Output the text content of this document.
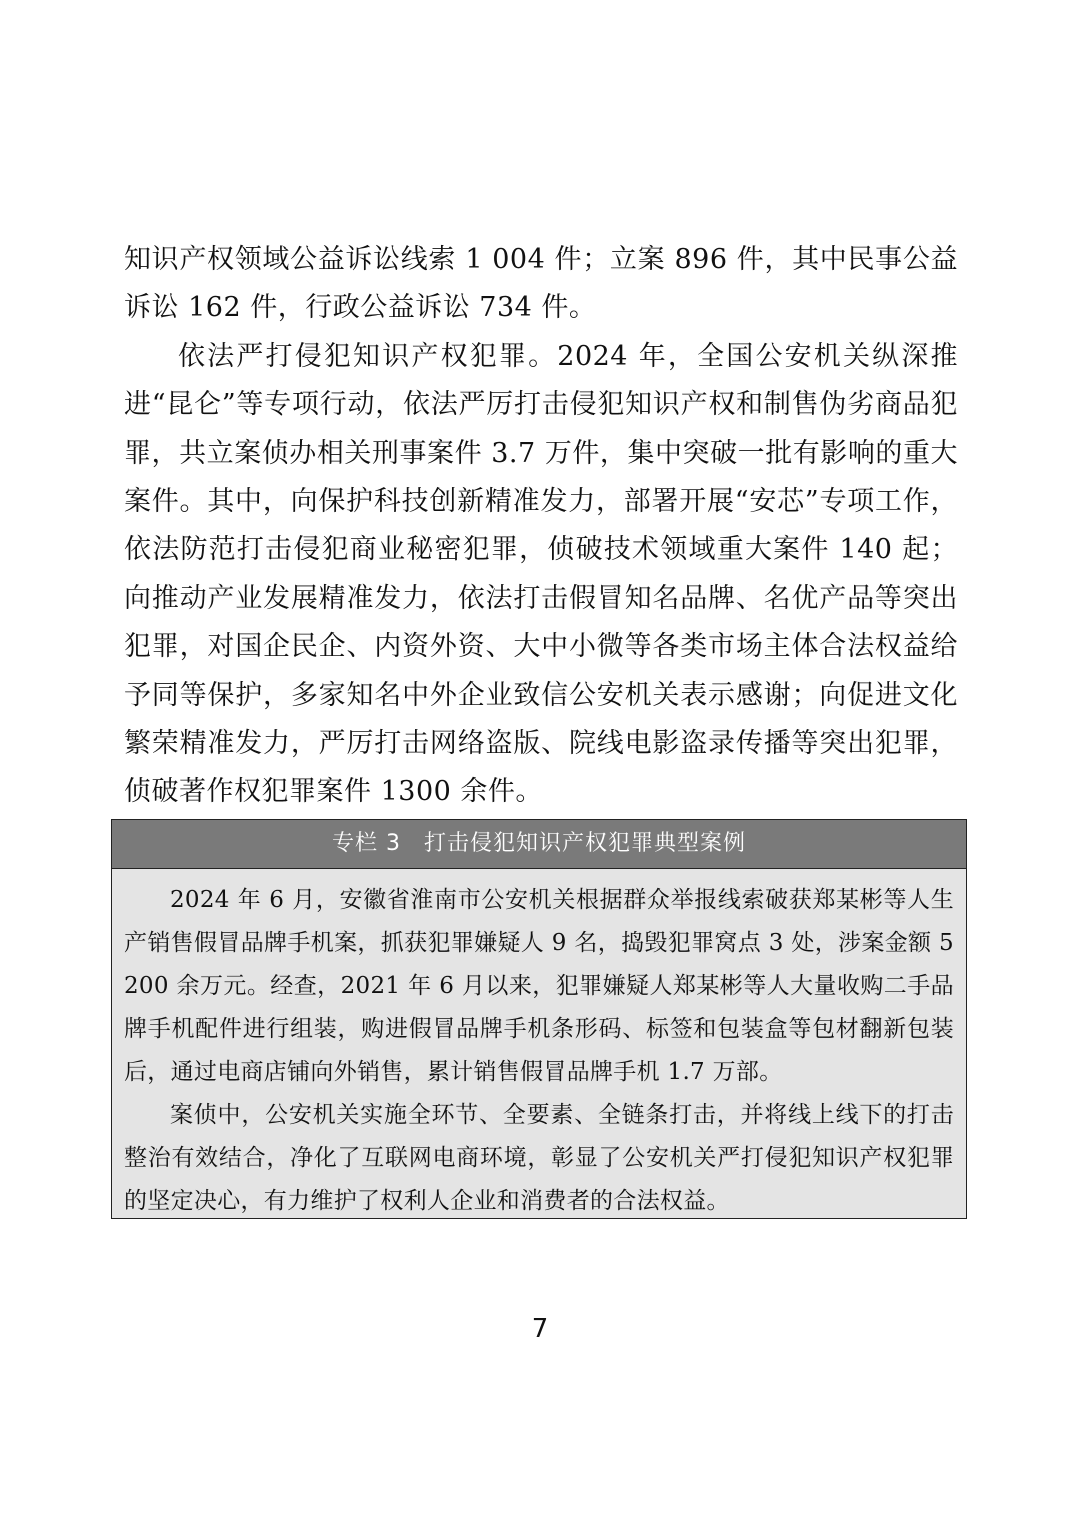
知识产权领域公益诉讼线索 1 004 件；立案 896 件，其中民事公益诉讼 162 件，行政公益诉讼 734 件。

依法严打侵犯知识产权犯罪。2024 年，全国公安机关纵深推进“昆仑”等专项行动，依法严厉打击侵犯知识产权和制售伪劣商品犯罪，共立案侦办相关刑事案件 3.7 万件，集中突破一批有影响的重大案件。其中，向保护科技创新精准发力，部署开展“安芯”专项工作，依法防范打击侵犯商业秘密犯罪，侦破技术领域重大案件 140 起；向推动产业发展精准发力，依法打击假冒知名品牌、名优产品等突出犯罪，对国企民企、内资外资、大中小微等各类市场主体合法权益给予同等保护，多家知名中外企业致信公安机关表示感谢；向促进文化繁荣精准发力，严厉打击网络盗版、院线电影盗录传播等突出犯罪，侦破著作权犯罪案件 1300 余件。

专栏 3　打击侵犯知识产权犯罪典型案例

2024 年 6 月，安徽省淮南市公安机关根据群众举报线索破获郑某彬等人生产销售假冒品牌手机案，抓获犯罪嫌疑人 9 名，捣毁犯罪窝点 3 处，涉案金额 5 200 余万元。经查，2021 年 6 月以来，犯罪嫌疑人郑某彬等人大量收购二手品牌手机配件进行组装，购进假冒品牌手机条形码、标签和包装盒等包材翻新包装后，通过电商店铺向外销售，累计销售假冒品牌手机 1.7 万部。

案侦中，公安机关实施全环节、全要素、全链条打击，并将线上线下的打击整治有效结合，净化了互联网电商环境，彰显了公安机关严打侵犯知识产权犯罪的坚定决心，有力维护了权利人企业和消费者的合法权益。

7
